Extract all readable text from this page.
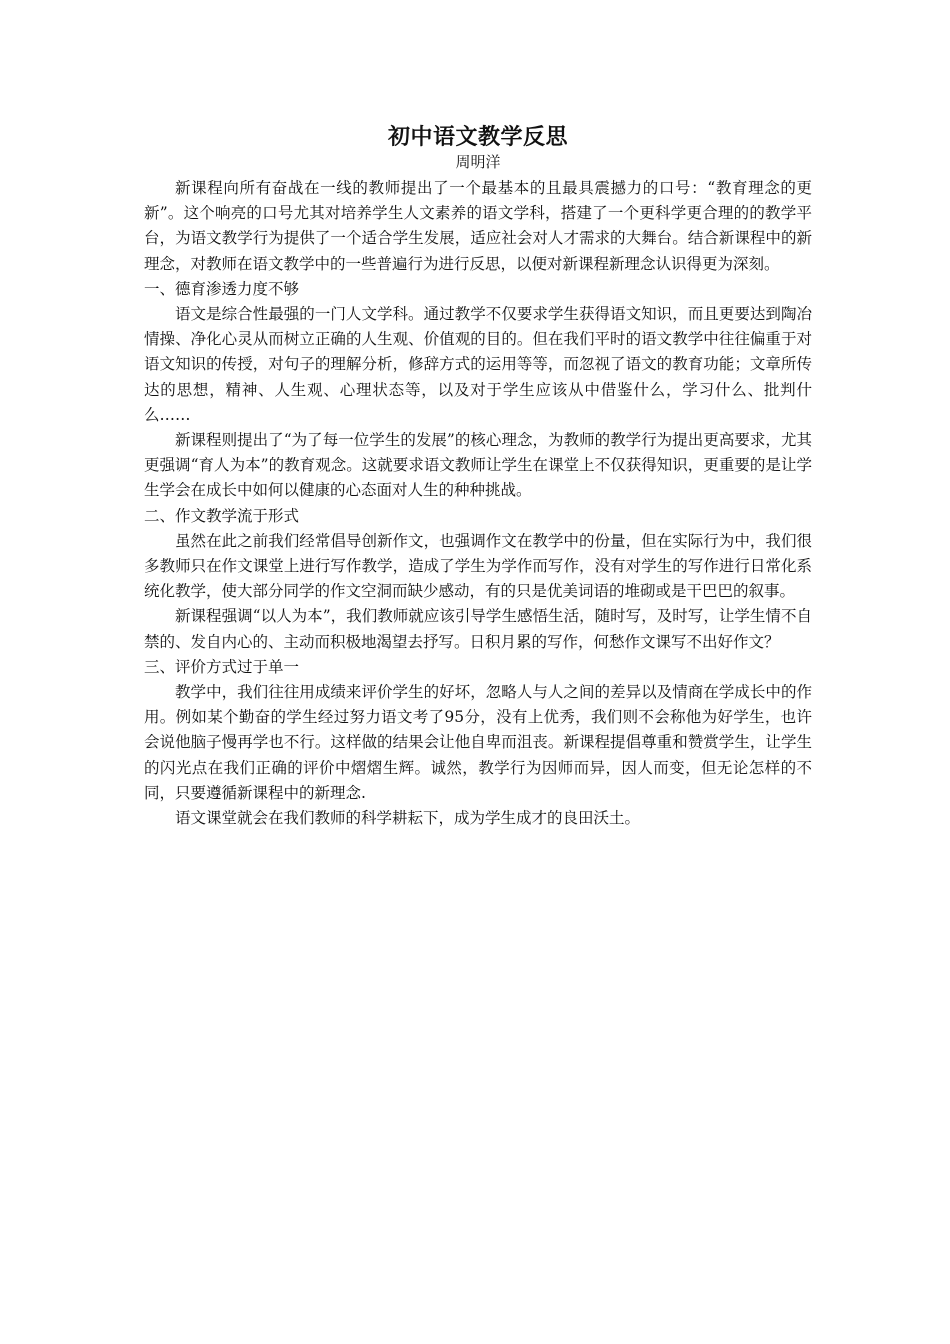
初中语文教学反思

周明洋

新课程向所有奋战在一线的教师提出了一个最基本的且最具震撼力的口号：“教育理念的更新”。这个响亮的口号尤其对培养学生人文素养的语文学科，搭建了一个更科学更合理的的教学平台，为语文教学行为提供了一个适合学生发展，适应社会对人才需求的大舞台。结合新课程中的新理念，对教师在语文教学中的一些普遍行为进行反思，以便对新课程新理念认识得更为深刻。

一、德育渗透力度不够

语文是综合性最强的一门人文学科。通过教学不仅要求学生获得语文知识，而且更要达到陶冶情操、净化心灵从而树立正确的人生观、价值观的目的。但在我们平时的语文教学中往往偏重于对语文知识的传授，对句子的理解分析，修辞方式的运用等等，而忽视了语文的教育功能；文章所传达的思想，精神、人生观、心理状态等，以及对于学生应该从中借鉴什么，学习什么、批判什么……

新课程则提出了“为了每一位学生的发展”的核心理念，为教师的教学行为提出更高要求，尤其更强调“育人为本”的教育观念。这就要求语文教师让学生在课堂上不仅获得知识，更重要的是让学生学会在成长中如何以健康的心态面对人生的种种挑战。

二、作文教学流于形式

虽然在此之前我们经常倡导创新作文，也强调作文在教学中的份量，但在实际行为中，我们很多教师只在作文课堂上进行写作教学，造成了学生为学作而写作，没有对学生的写作进行日常化系统化教学，使大部分同学的作文空洞而缺少感动，有的只是优美词语的堆砌或是干巴巴的叙事。

新课程强调“以人为本”，我们教师就应该引导学生感悟生活，随时写，及时写，让学生情不自禁的、发自内心的、主动而积极地渴望去抒写。日积月累的写作，何愁作文课写不出好作文？

三、评价方式过于单一

教学中，我们往往用成绩来评价学生的好坏，忽略人与人之间的差异以及情商在学成长中的作用。例如某个勤奋的学生经过努力语文考了95分，没有上优秀，我们则不会称他为好学生，也许会说他脑子慢再学也不行。这样做的结果会让他自卑而沮丧。新课程提倡尊重和赞赏学生，让学生的闪光点在我们正确的评价中熠熠生辉。诚然，教学行为因师而异，因人而变，但无论怎样的不同，只要遵循新课程中的新理念.

语文课堂就会在我们教师的科学耕耘下，成为学生成才的良田沃土。
